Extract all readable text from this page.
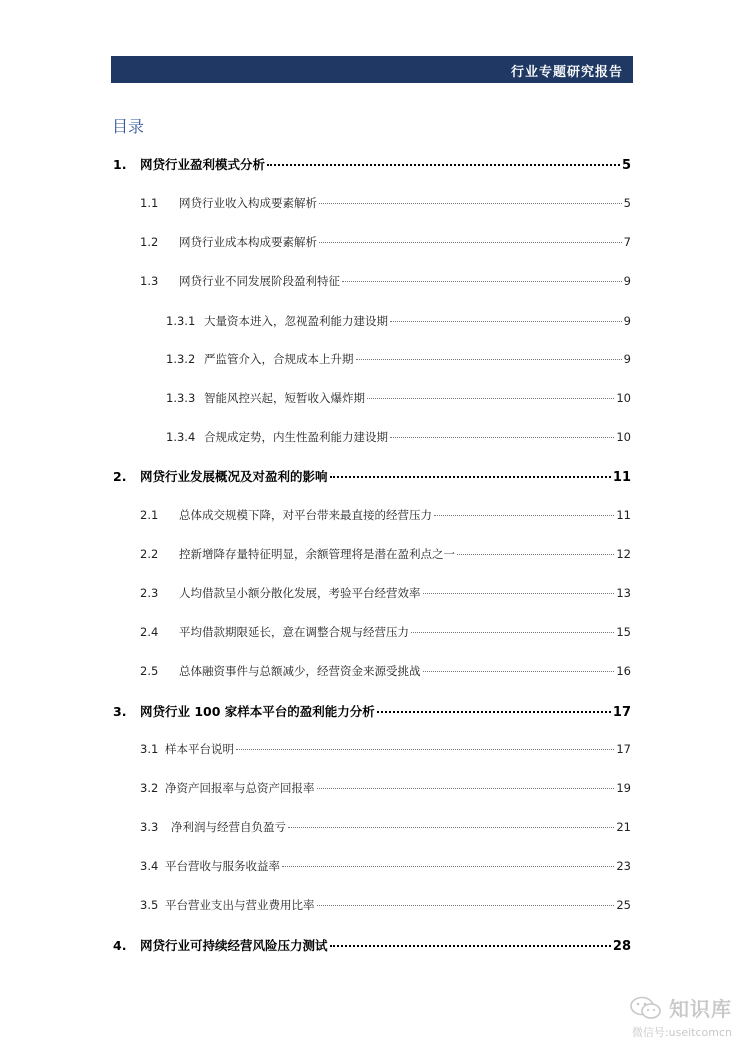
行业专题研究报告
目录
1.	网贷行业盈利模式分析	5
1.1	网贷行业收入构成要素解析	5
1.2	网贷行业成本构成要素解析	7
1.3	网贷行业不同发展阶段盈利特征	9
1.3.1 大量资本进入，忽视盈利能力建设期	9
1.3.2 严监管介入，合规成本上升期	9
1.3.3 智能风控兴起，短暂收入爆炸期	10
1.3.4 合规成定势，内生性盈利能力建设期	10
2.	网贷行业发展概况及对盈利的影响	11
2.1	总体成交规模下降，对平台带来最直接的经营压力	11
2.2	控新增降存量特征明显，余额管理将是潜在盈利点之一	12
2.3	人均借款呈小额分散化发展，考验平台经营效率	13
2.4	平均借款期限延长，意在调整合规与经营压力	15
2.5	总体融资事件与总额减少，经营资金来源受挑战	16
3.	网贷行业 100 家样本平台的盈利能力分析	17
3.1 样本平台说明	17
3.2 净资产回报率与总资产回报率	19
3.3	净利润与经营自负盈亏	21
3.4 平台营收与服务收益率	23
3.5 平台营业支出与营业费用比率	25
4.	网贷行业可持续经营风险压力测试	28
知识库
微信号:useitcomcn
